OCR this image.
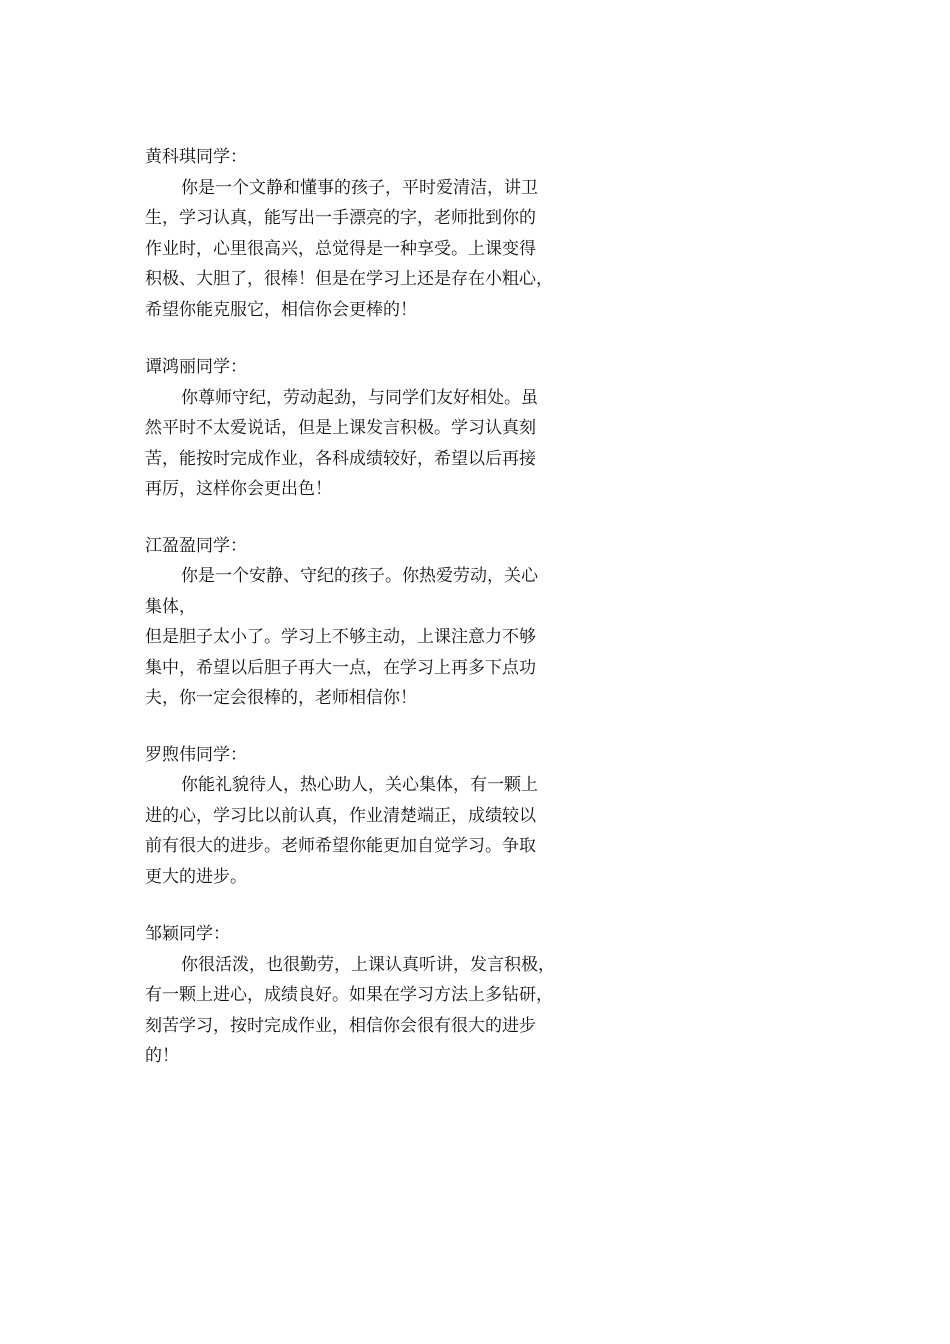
黄科琪同学：

你是一个文静和懂事的孩子，平时爱清洁，讲卫
生，学习认真，能写出一手漂亮的字，老师批到你的
作业时，心里很高兴，总觉得是一种享受。上课变得
积极、大胆了，很棒！但是在学习上还是存在小粗心，
希望你能克服它，相信你会更棒的！

谭鸿丽同学：

你尊师守纪，劳动起劲，与同学们友好相处。虽
然平时不太爱说话，但是上课发言积极。学习认真刻
苦，能按时完成作业，各科成绩较好，希望以后再接
再厉，这样你会更出色！

江盈盈同学：

你是一个安静、守纪的孩子。你热爱劳动，关心
集体，
但是胆子太小了。学习上不够主动，上课注意力不够
集中，希望以后胆子再大一点，在学习上再多下点功
夫，你一定会很棒的，老师相信你！

罗煦伟同学：

你能礼貌待人，热心助人，关心集体，有一颗上
进的心，学习比以前认真，作业清楚端正，成绩较以
前有很大的进步。老师希望你能更加自觉学习。争取
更大的进步。

邹颖同学：

你很活泼，也很勤劳，上课认真听讲，发言积极，
有一颗上进心，成绩良好。如果在学习方法上多钻研，
刻苦学习，按时完成作业，相信你会很有很大的进步
的！
